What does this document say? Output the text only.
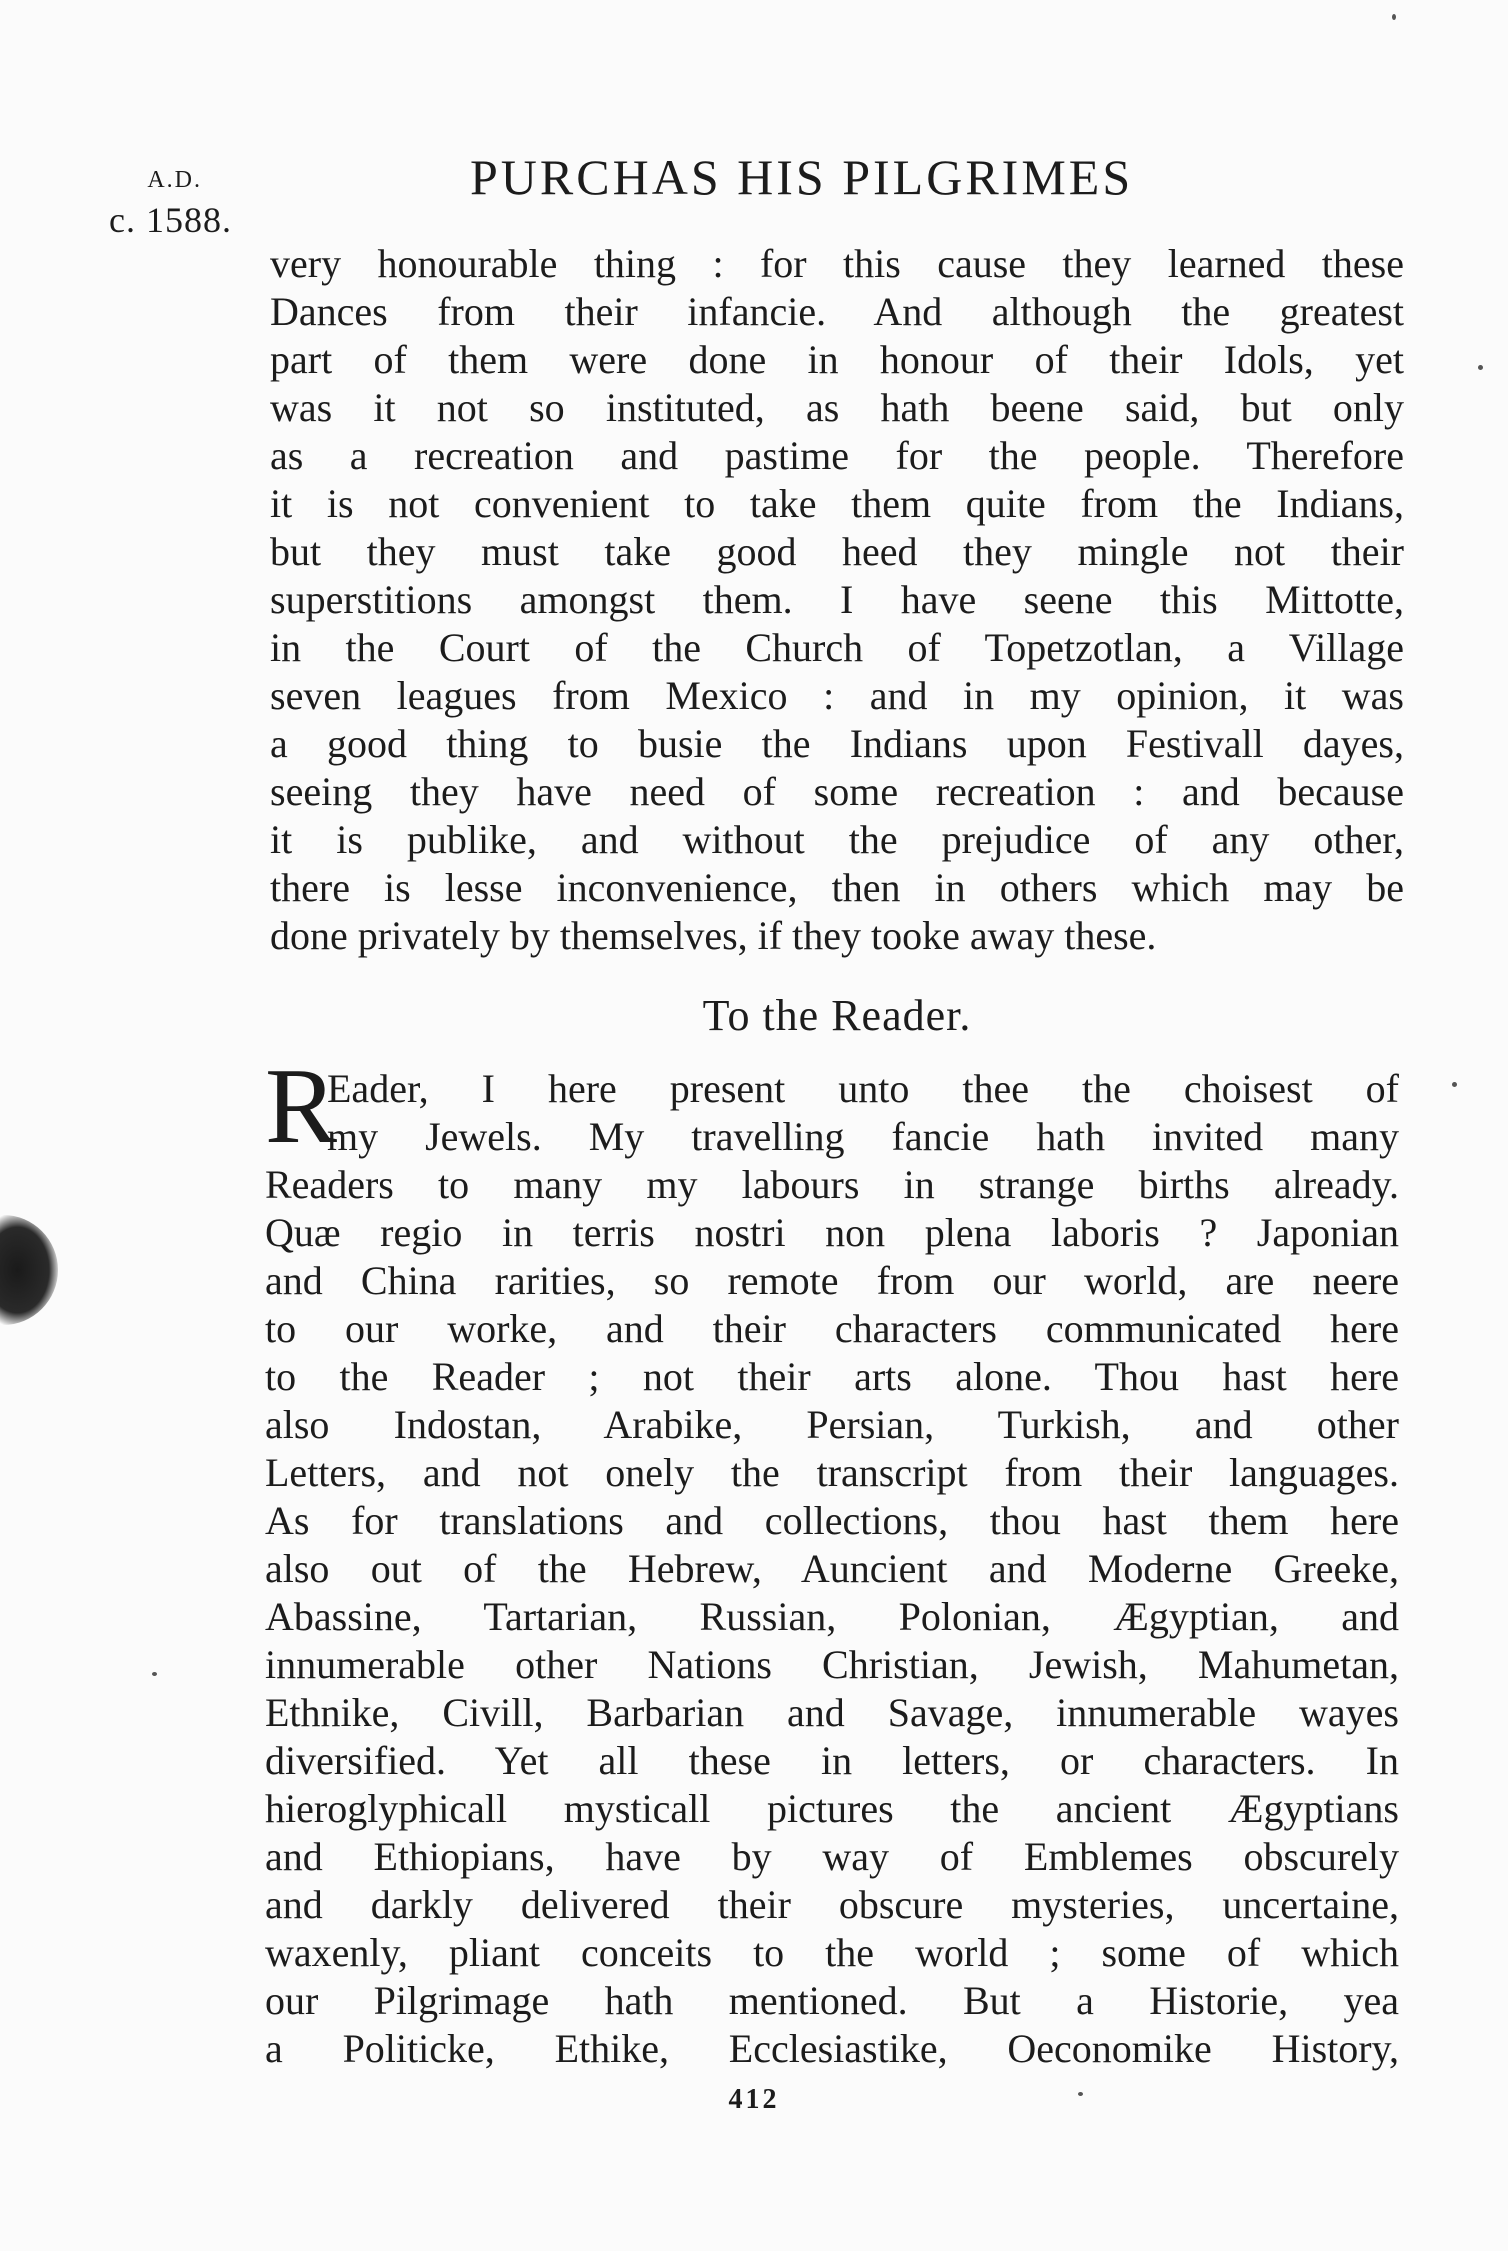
A.D.
c. 1588.
PURCHAS HIS PILGRIMES
very honourable thing : for this cause they learned these
Dances from their infancie. And although the greatest
part of them were done in honour of their Idols, yet
was it not so instituted, as hath beene said, but only
as a recreation and pastime for the people. Therefore
it is not convenient to take them quite from the Indians,
but they must take good heed they mingle not their
superstitions amongst them. I have seene this Mittotte,
in the Court of the Church of Topetzotlan, a Village
seven leagues from Mexico : and in my opinion, it was
a good thing to busie the Indians upon Festivall dayes,
seeing they have need of some recreation : and because
it is publike, and without the prejudice of any other,
there is lesse inconvenience, then in others which may be
done privately by themselves, if they tooke away these.
To the Reader.
R
Eader, I here present unto thee the choisest of
my Jewels. My travelling fancie hath invited many
Readers to many my labours in strange births already.
Quæ regio in terris nostri non plena laboris ? Japonian
and China rarities, so remote from our world, are neere
to our worke, and their characters communicated here
to the Reader ; not their arts alone. Thou hast here
also Indostan, Arabike, Persian, Turkish, and other
Letters, and not onely the transcript from their languages.
As for translations and collections, thou hast them here
also out of the Hebrew, Auncient and Moderne Greeke,
Abassine, Tartarian, Russian, Polonian, Ægyptian, and
innumerable other Nations Christian, Jewish, Mahumetan,
Ethnike, Civill, Barbarian and Savage, innumerable wayes
diversified. Yet all these in letters, or characters. In
hieroglyphicall mysticall pictures the ancient Ægyptians
and Ethiopians, have by way of Emblemes obscurely
and darkly delivered their obscure mysteries, uncertaine,
waxenly, pliant conceits to the world ; some of which
our Pilgrimage hath mentioned. But a Historie, yea
a Politicke, Ethike, Ecclesiastike, Oeconomike History,
412
